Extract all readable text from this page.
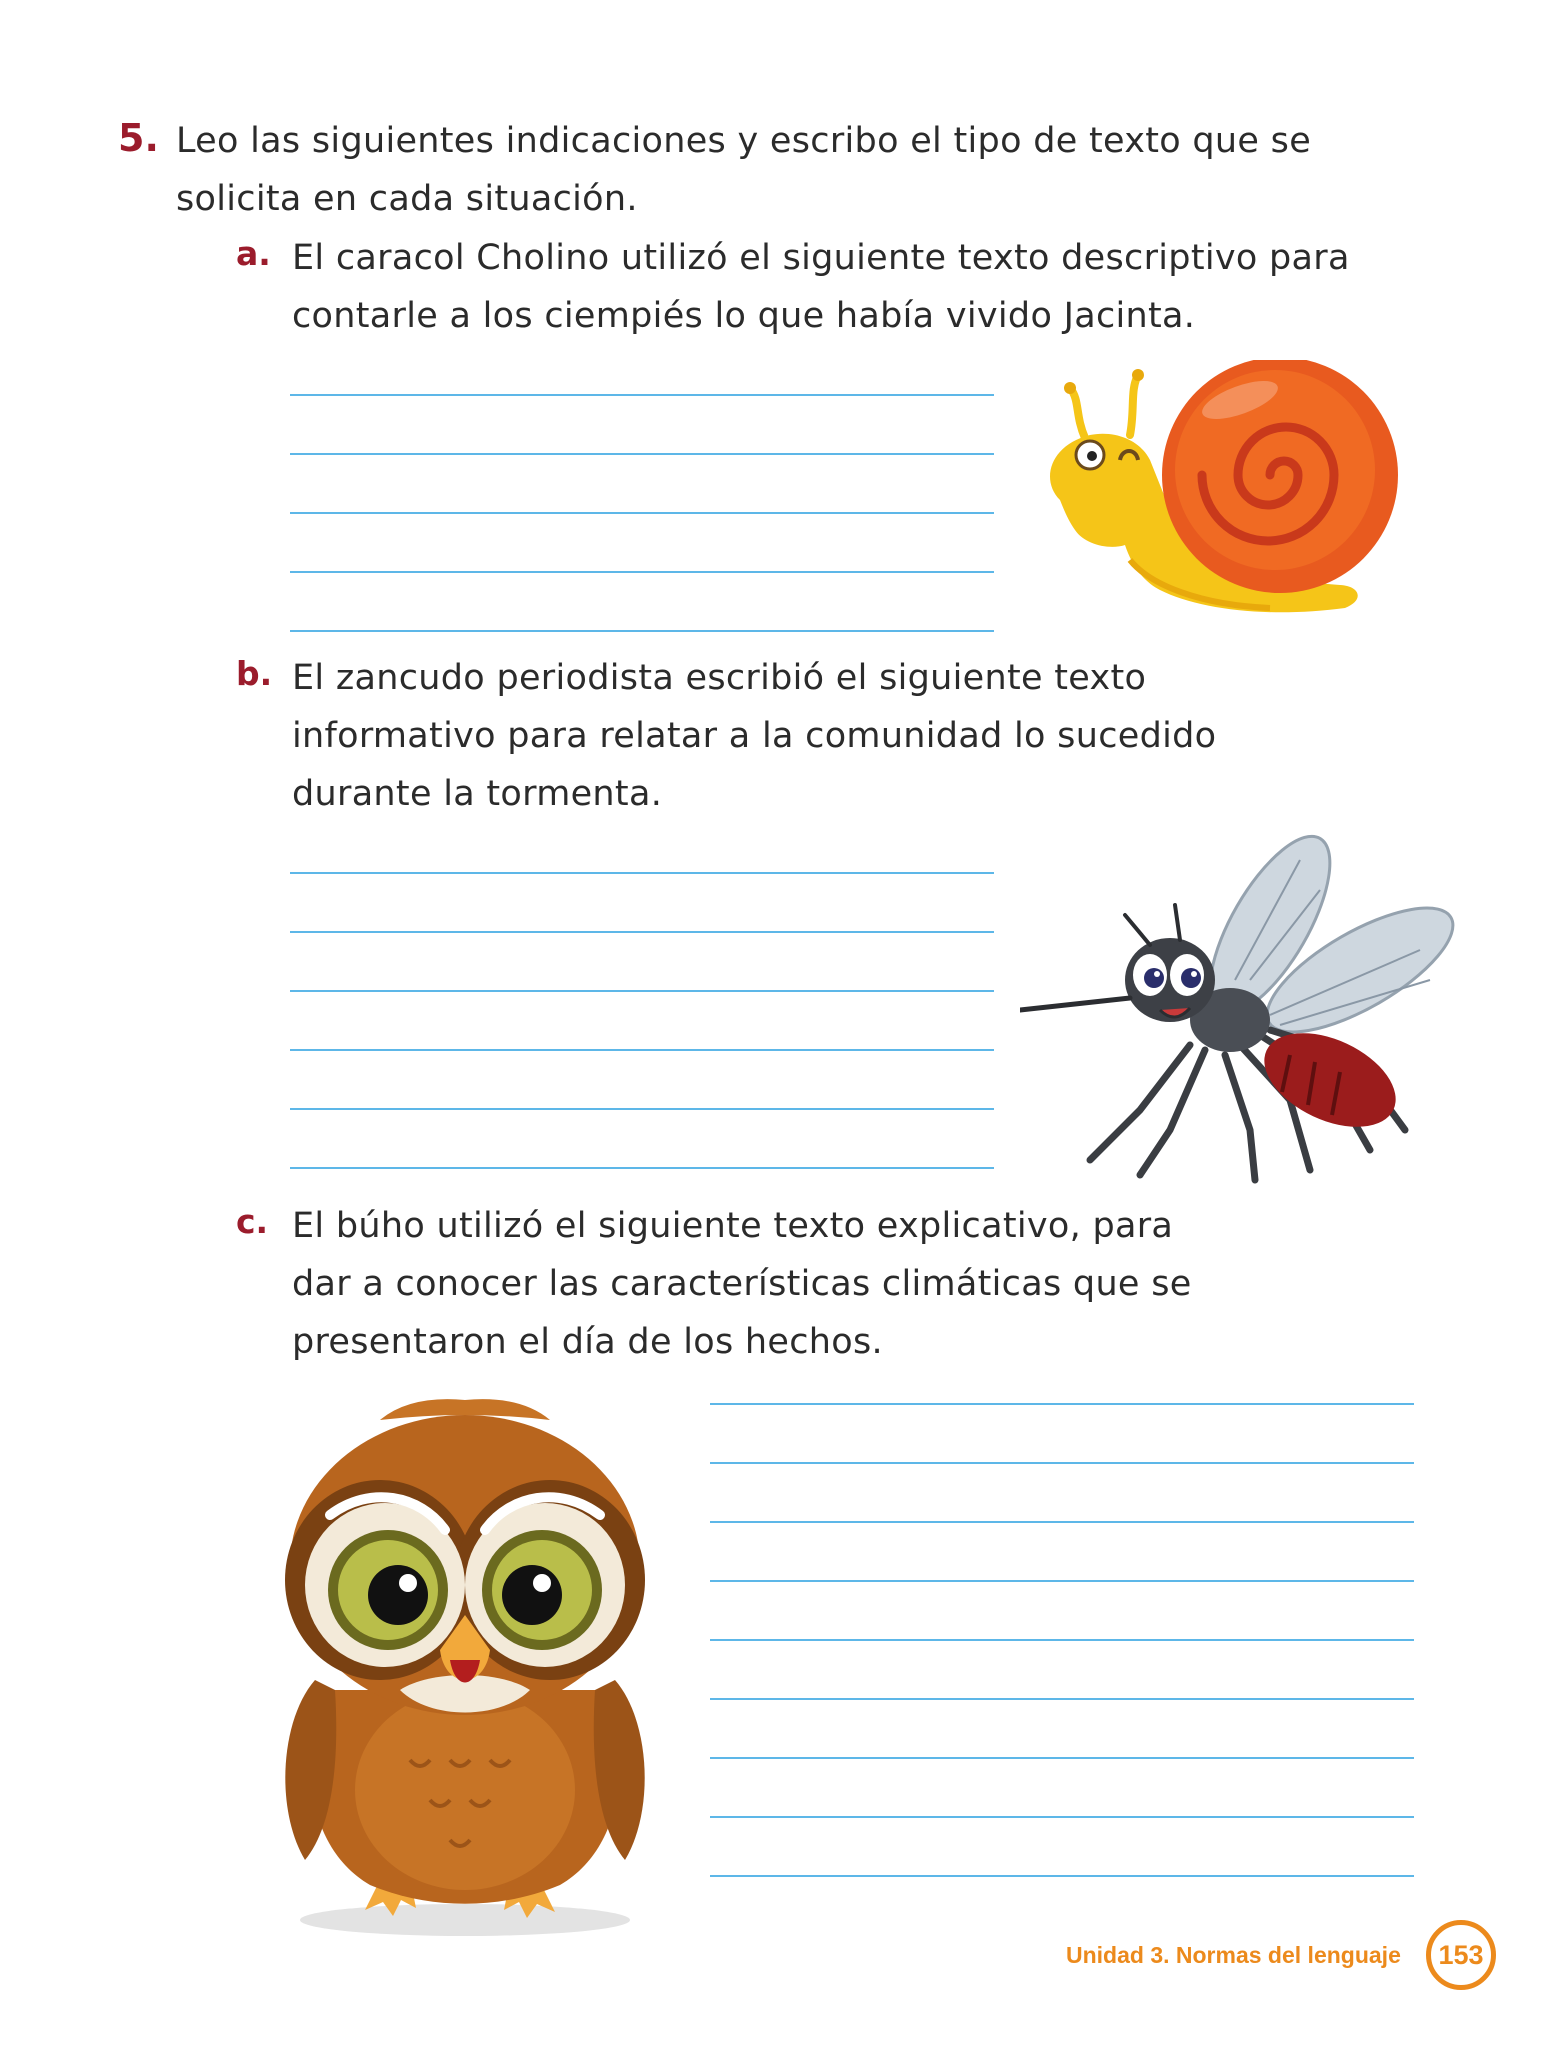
5. Leo las siguientes indicaciones y escribo el tipo de texto que se
solicita en cada situación.
a. El caracol Cholino utilizó el siguiente texto descriptivo para
contarle a los ciempiés lo que había vivido Jacinta.
b. El zancudo periodista escribió el siguiente texto
informativo para relatar a la comunidad lo sucedido
durante la tormenta.
c. El búho utilizó el siguiente texto explicativo, para
dar a conocer las características climáticas que se
presentaron el día de los hechos.
Unidad 3. Normas del lenguaje	153
